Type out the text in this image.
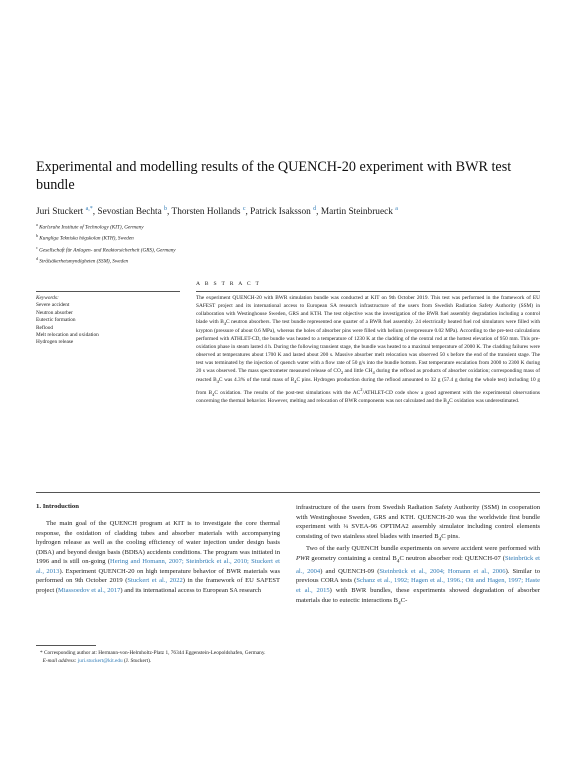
Experimental and modelling results of the QUENCH-20 experiment with BWR test bundle
Juri Stuckert $^{a,*}$, Sevostian Bechta $^b$, Thorsten Hollands $^c$, Patrick Isaksson $^d$, Martin Steinbrueck $^a$
$^a$ Karlsruhe Institute of Technology (KIT), Germany
$^b$ Kungliga Tekniska högskolan (KTH), Sweden
$^c$ Gesellschaft für Anlagen- und Reaktorsicherheit (GRS), Germany
$^d$ Strålsäkerhetsmyndigheten (SSM), Sweden
A B S T R A C T
Keywords:
Severe accident
Neutron absorber
Eutectic formation
Reflood
Melt relocation and oxidation
Hydrogen release
The experiment QUENCH-20 with BWR simulation bundle was conducted at KIT on 9th October 2019. This test was performed in the framework of EU SAFEST project and its international access to European SA research infrastructure of the users from Swedish Radiation Safety Authority (SSM) in collaboration with Westinghouse Sweden, GRS and KTH. The test objective was the investigation of the BWR fuel assembly degradation including a control blade with $B_4C$ neutron absorbers. The test bundle represented one quarter of a BWR fuel assembly. 24 electrically heated fuel rod simulators were filled with krypton (pressure of about 0.6 MPa), whereas the holes of absorber pins were filled with helium (overpressure 0.02 MPa). According to the pre-test calculations performed with ATHLET-CD, the bundle was heated to a temperature of 1230 K at the cladding of the central rod at the hottest elevation of 950 mm. This pre-oxidation phase in steam lasted 4 h. During the following transient stage, the bundle was heated to a maximal temperature of 2000 K. The cladding failures were observed at temperatures about 1700 K and lasted about 200 s. Massive absorber melt relocation was observed 50 s before the end of the transient stage. The test was terminated by the injection of quench water with a flow rate of 50 g/s into the bundle bottom. Fast temperature escalation from 2000 to 2300 K during 20 s was observed. The mass spectrometer measured release of $CO_2$ and little $CH_4$ during the reflood as products of absorber oxidation; corresponding mass of reacted $B_4C$ was 4.3% of the total mass of $B_4C$ pins. Hydrogen production during the reflood amounted to 32 g (57.4 g during the whole test) including 10 g from $B_4C$ oxidation. The results of the post-test simulations with the $AC^2/ATHLET-CD$ code show a good agreement with the experimental observations concerning the thermal behavior. However, melting and relocation of BWR components was not calculated and the $B_4C$ oxidation was underestimated.
1. Introduction

The main goal of the QUENCH program at KIT is to investigate the core thermal response, the oxidation of cladding tubes and absorber materials with accompanying hydrogen release as well as the cooling efficiency of water injection under design basis (DBA) and beyond design basis (BDBA) accidents conditions. The program was initiated in 1996 and is still on-going (Hering and Homann, 2007; Steinbrück et al., 2010; Stuckert et al., 2013). Experiment QUENCH-20 on high temperature behavior of BWR materials was performed on 9th October 2019 (Stuckert et al., 2022) in the framework of EU SAFEST project (Miassoedov et al., 2017) and its international access to European SA research

infrastructure of the users from Swedish Radiation Safety Authority (SSM) in cooperation with Westinghouse Sweden, GRS and KTH. QUENCH-20 was the worldwide first bundle experiment with ¼ SVEA-96 OPTIMA2 assembly simulator including control elements consisting of two stainless steel blades with inserted $B_4C$ pins.

Two of the early QUENCH bundle experiments on severe accident were performed with PWR geometry containing a central $B_4C$ neutron absorber rod: QUENCH-07 (Steinbrück et al., 2004) and QUENCH-09 (Steinbrück et al., 2004; Homann et al., 2006). Similar to previous CORA tests (Schanz et al., 1992; Hagen et al., 1996.; Ott and Hagen, 1997; Haste et al., 2015) with BWR bundles, these experiments showed degradation of absorber materials due to eutectic interactions $B_4C-$

* Corresponding author at: Hermann-von-Helmholtz-Platz 1, 76344 Eggenstein-Leopoldshafen, Germany.
E-mail address: juri.stuckert@kit.edu (J. Stuckert).
